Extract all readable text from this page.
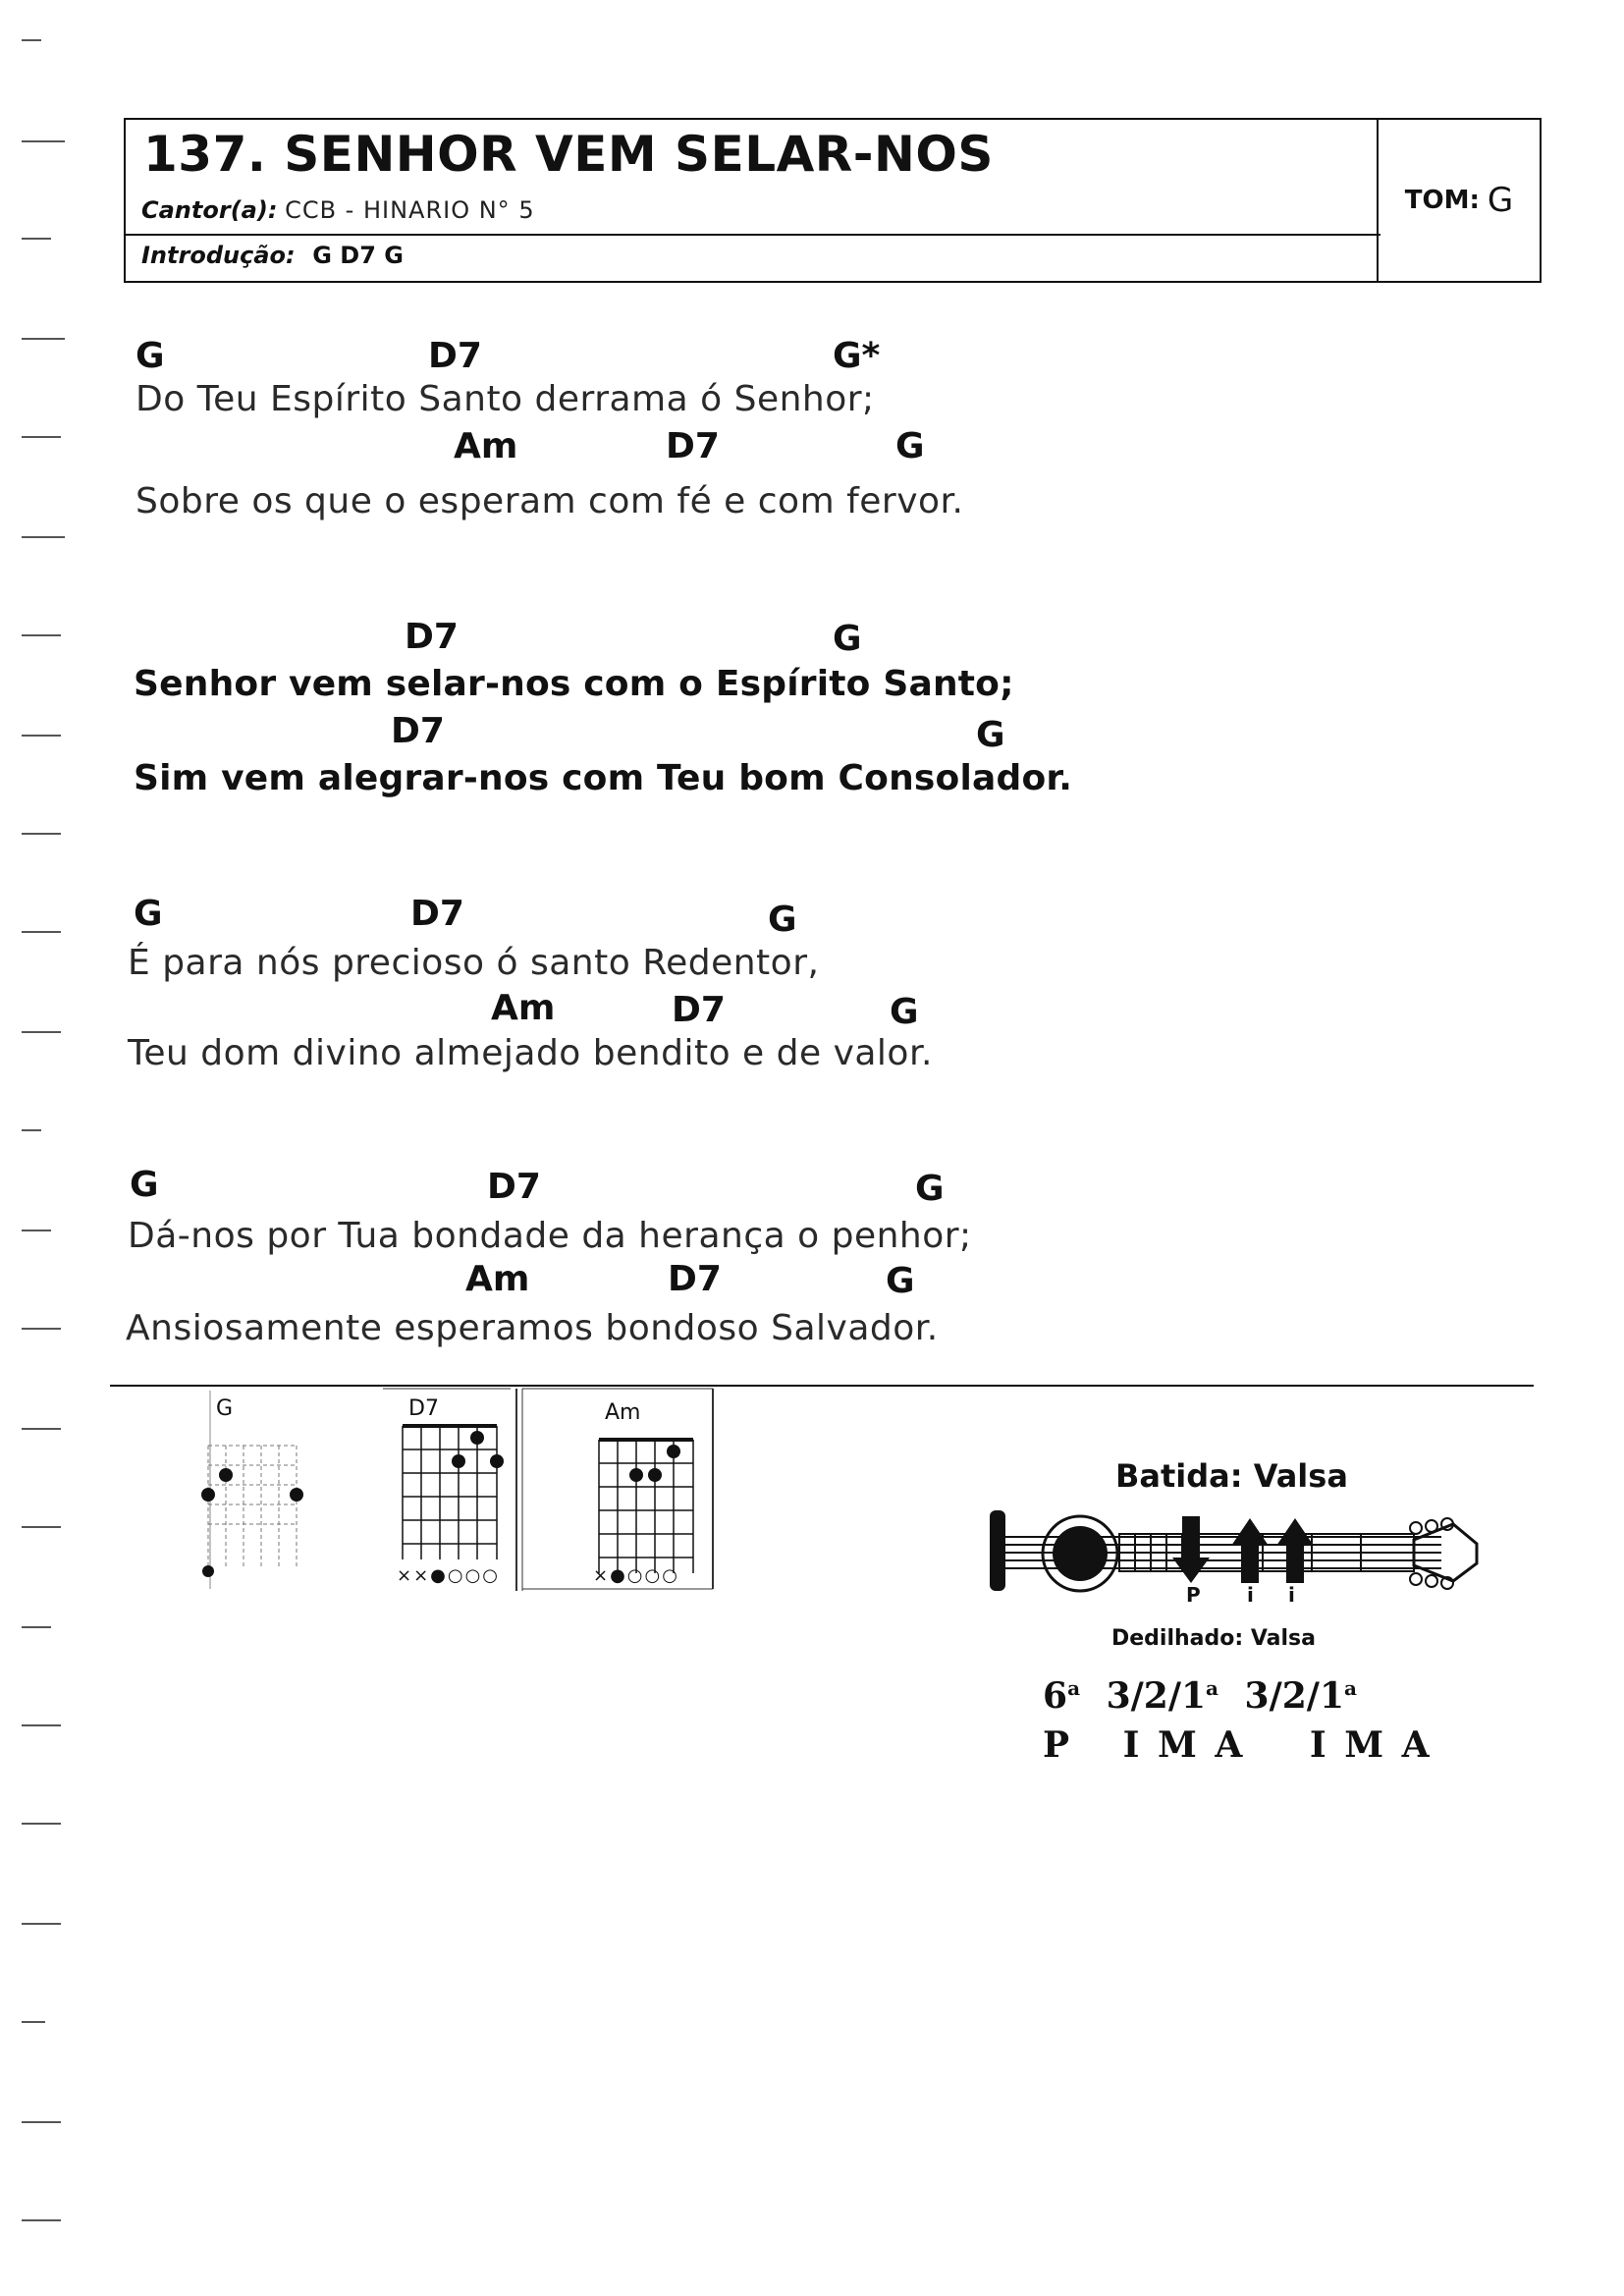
137. SENHOR VEM SELAR-NOS
Cantor(a): CCB - HINARIO N° 5
Introdução: G D7 G
TOM: G
G	D7	G*
Do Teu Espírito Santo derrama ó Senhor;
Am	D7	G
Sobre os que o esperam com fé e com fervor.
D7	G
Senhor vem selar-nos com o Espírito Santo;
D7	G
Sim vem alegrar-nos com Teu bom Consolador.
G	D7	G
É para nós precioso ó santo Redentor,
Am	D7	G
Teu dom divino almejado bendito e de valor.
G	D7	G
Dá-nos por Tua bondade da herança o penhor;
Am	D7	G
Ansiosamente esperamos bondoso Salvador.
G	D7	Am
××●○○○	×●○○○
Batida: Valsa
P i i
Dedilhado: Valsa
6$^a$ 3/2/1$^a$ 3/2/1$^a$
P I M A I M A
